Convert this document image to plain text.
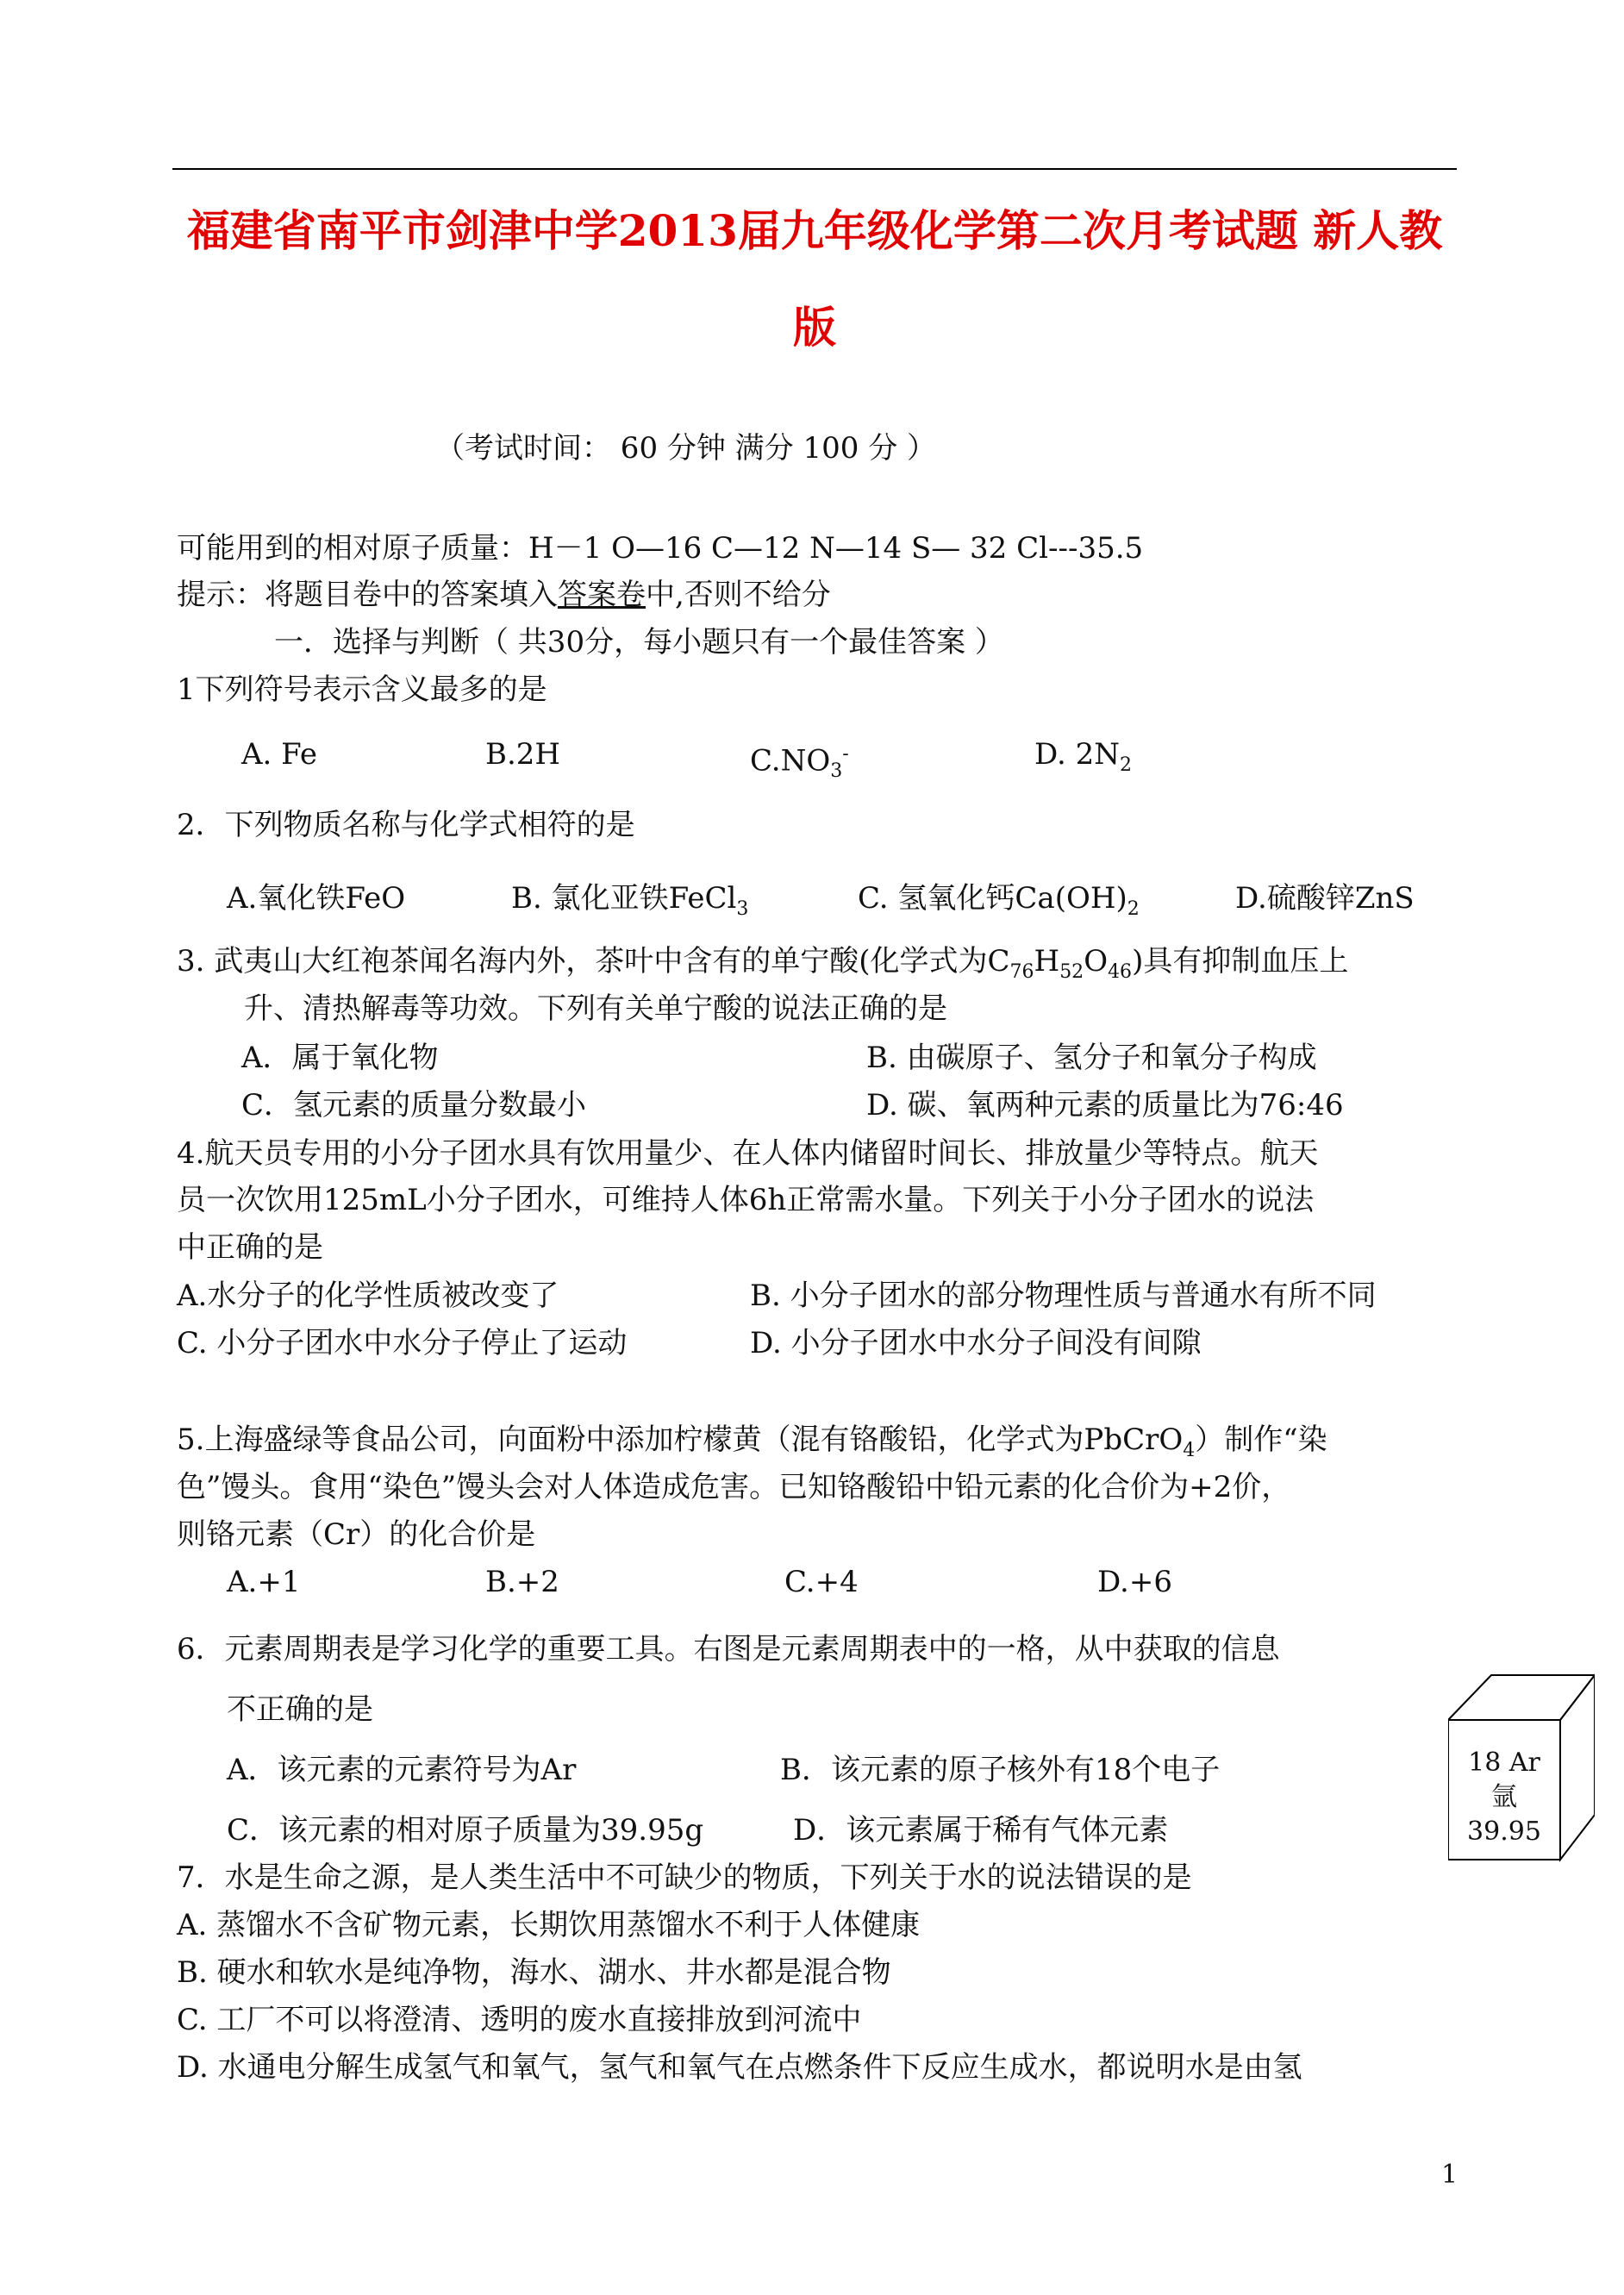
福建省南平市剑津中学2013届九年级化学第二次月考试题 新人教
版
（考试时间： 60 分钟 满分 100 分 ）
可能用到的相对原子质量：H－1 O—16 C—12 N—14 S— 32 Cl---35.5
提示：将题目卷中的答案填入答案卷中,否则不给分
一．选择与判断（ 共30分，每小题只有一个最佳答案 ）
1下列符号表示含义最多的是
A. Fe	B.2H	$C.NO_3^-$	D. $2N_2$
2．下列物质名称与化学式相符的是
A.氧化铁FeO	B. 氯化亚铁FeCl$_3$	C. 氢氧化钙$Ca(OH)_2$	D.硫酸锌ZnS
3. 武夷山大红袍茶闻名海内外，茶叶中含有的单宁酸(化学式为$C_{76}H_{52}O_{46}$)具有抑制血压上
升、清热解毒等功效。下列有关单宁酸的说法正确的是
A．属于氧化物	B. 由碳原子、氢分子和氧分子构成
C．氢元素的质量分数最小	D. 碳、氧两种元素的质量比为76:46
4.航天员专用的小分子团水具有饮用量少、在人体内储留时间长、排放量少等特点。航天
员一次饮用125mL小分子团水，可维持人体6h正常需水量。下列关于小分子团水的说法
中正确的是
A.水分子的化学性质被改变了	B. 小分子团水的部分物理性质与普通水有所不同
C. 小分子团水中水分子停止了运动	D. 小分子团水中水分子间没有间隙
5.上海盛绿等食品公司，向面粉中添加柠檬黄（混有铬酸铅，化学式为PbCrO$_4$）制作“染
色”馒头。食用“染色”馒头会对人体造成危害。已知铬酸铅中铅元素的化合价为+2价，
则铬元素（Cr）的化合价是
A.+1	B.+2	C.+4	D.+6
6．元素周期表是学习化学的重要工具。右图是元素周期表中的一格，从中获取的信息
不正确的是
A．该元素的元素符号为Ar	B．该元素的原子核外有18个电子
C．该元素的相对原子质量为39.95g	D．该元素属于稀有气体元素
18 Ar
氩
39.95
7．水是生命之源，是人类生活中不可缺少的物质，下列关于水的说法错误的是
A. 蒸馏水不含矿物元素，长期饮用蒸馏水不利于人体健康
B. 硬水和软水是纯净物，海水、湖水、井水都是混合物
C. 工厂不可以将澄清、透明的废水直接排放到河流中
D. 水通电分解生成氢气和氧气，氢气和氧气在点燃条件下反应生成水，都说明水是由氢
1
